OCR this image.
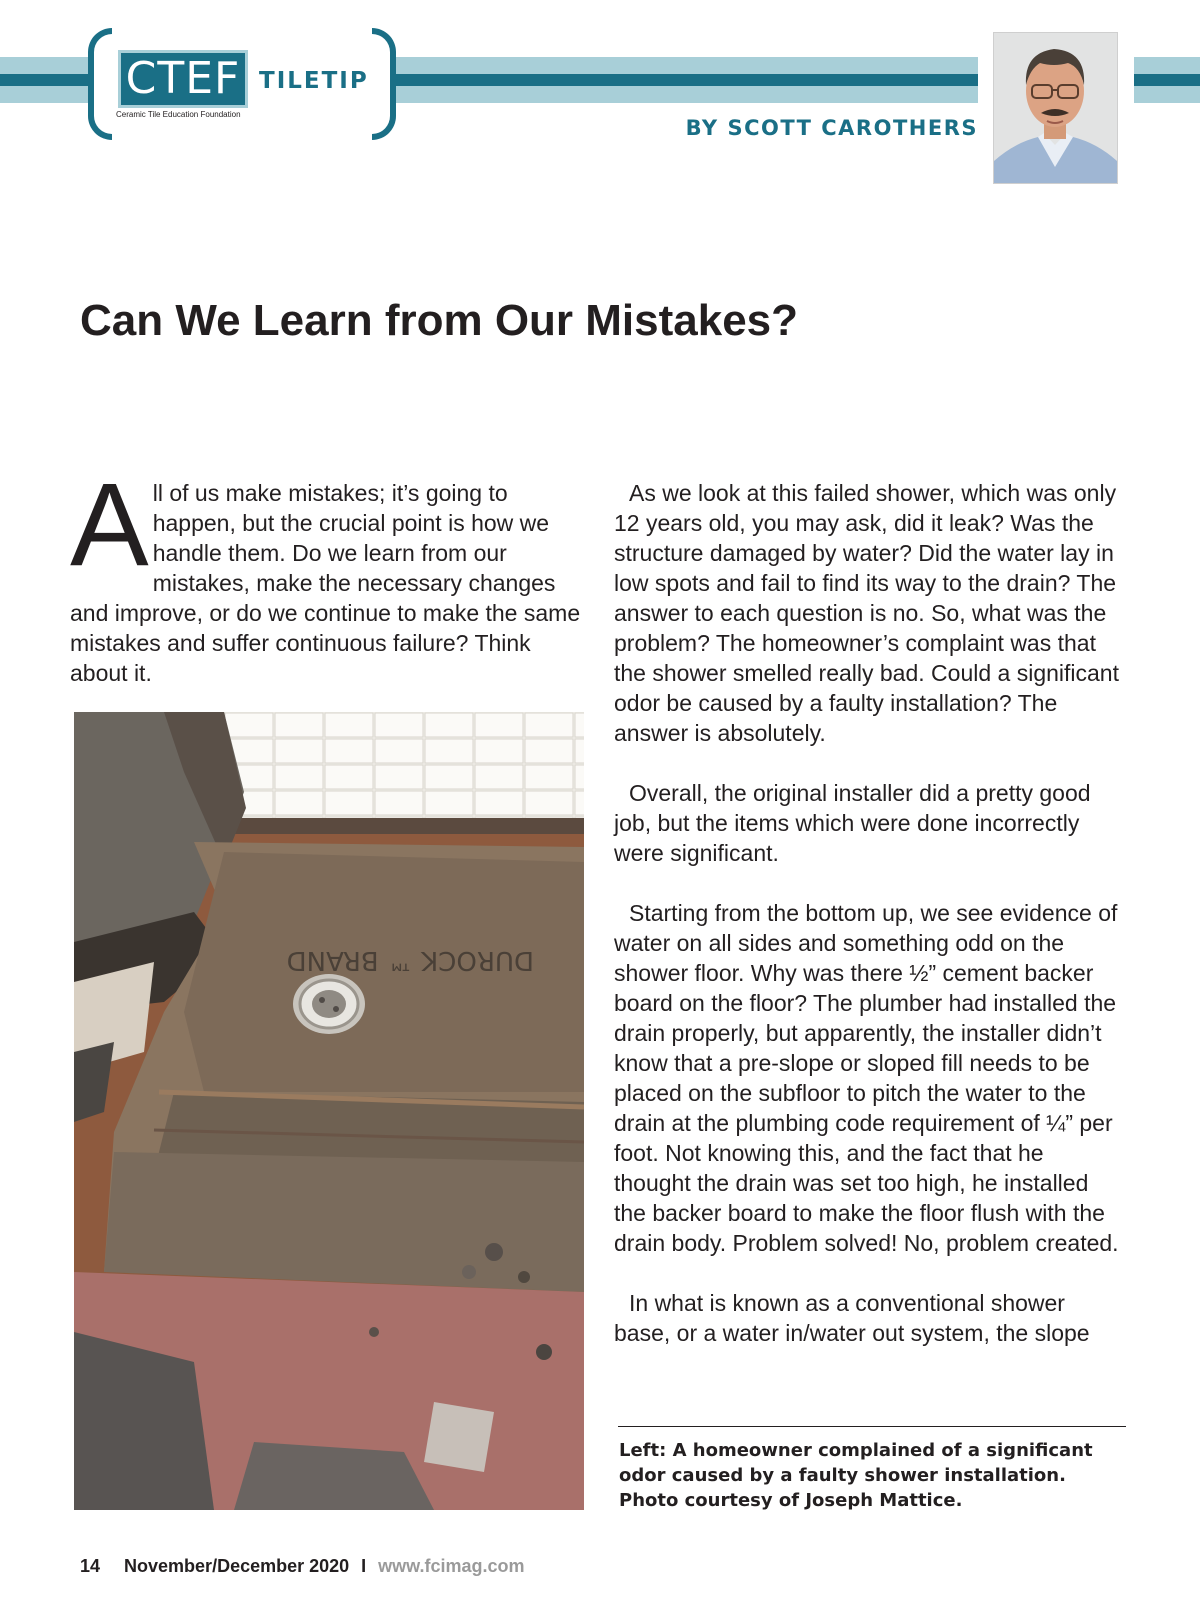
CTEF TILETIP
Ceramic Tile Education Foundation
BY SCOTT CAROTHERS
Can We Learn from Our Mistakes?

All of us make mistakes; it’s going to happen, but the crucial point is how we handle them. Do we learn from our mistakes, make the necessary changes and improve, or do we continue to make the same mistakes and suffer continuous failure? Think about it.

DUROCK ™ BRAND

As we look at this failed shower, which was only 12 years old, you may ask, did it leak? Was the structure damaged by water? Did the water lay in low spots and fail to find its way to the drain? The answer to each question is no. So, what was the problem? The homeowner’s complaint was that the shower smelled really bad. Could a significant odor be caused by a faulty installation? The answer is absolutely.

Overall, the original installer did a pretty good job, but the items which were done incorrectly were significant.

Starting from the bottom up, we see evidence of water on all sides and something odd on the shower floor. Why was there ½” cement backer board on the floor? The plumber had installed the drain properly, but apparently, the installer didn’t know that a pre-slope or sloped fill needs to be placed on the subfloor to pitch the water to the drain at the plumbing code requirement of ¼” per foot. Not knowing this, and the fact that he thought the drain was set too high, he installed the backer board to make the floor flush with the drain body. Problem solved! No, problem created.

In what is known as a conventional shower base, or a water in/water out system, the slope

Left: A homeowner complained of a significant odor caused by a faulty shower installation. Photo courtesy of Joseph Mattice.
14 November/December 2020 I www.fcimag.com
